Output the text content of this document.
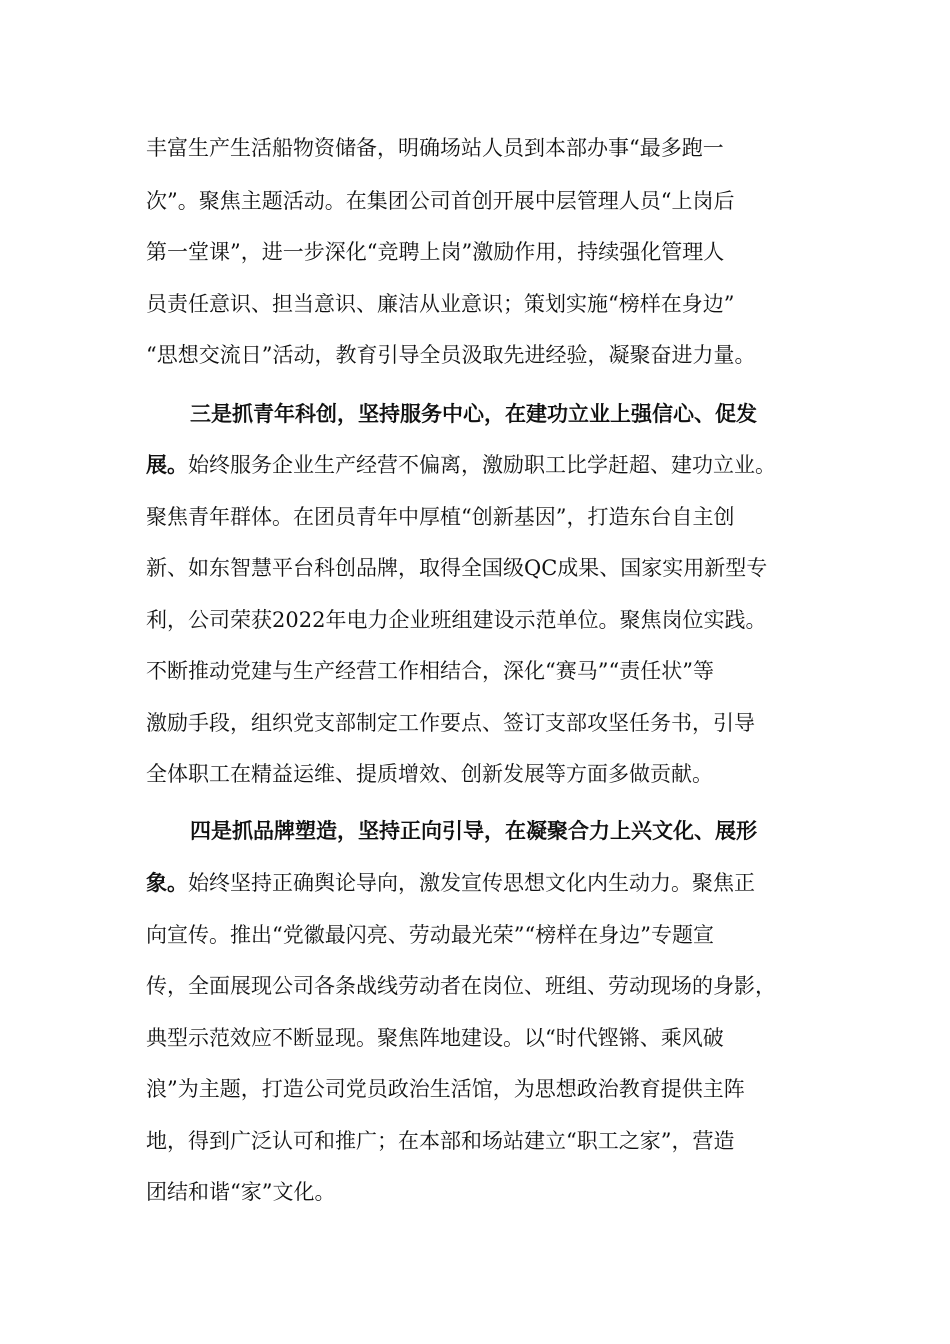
丰富生产生活船物资储备，明确场站人员到本部办事“最多跑一
次”。聚焦主题活动。在集团公司首创开展中层管理人员“上岗后
第一堂课”，进一步深化“竞聘上岗”激励作用，持续强化管理人
员责任意识、担当意识、廉洁从业意识；策划实施“榜样在身边”
“思想交流日”活动，教育引导全员汲取先进经验，凝聚奋进力量。
三是抓青年科创，坚持服务中心，在建功立业上强信心、促发
展。始终服务企业生产经营不偏离，激励职工比学赶超、建功立业。
聚焦青年群体。在团员青年中厚植“创新基因”，打造东台自主创
新、如东智慧平台科创品牌，取得全国级QC成果、国家实用新型专
利，公司荣获2022年电力企业班组建设示范单位。聚焦岗位实践。
不断推动党建与生产经营工作相结合，深化“赛马”“责任状”等
激励手段，组织党支部制定工作要点、签订支部攻坚任务书，引导
全体职工在精益运维、提质增效、创新发展等方面多做贡献。
四是抓品牌塑造，坚持正向引导，在凝聚合力上兴文化、展形
象。始终坚持正确舆论导向，激发宣传思想文化内生动力。聚焦正
向宣传。推出“党徽最闪亮、劳动最光荣”“榜样在身边”专题宣
传，全面展现公司各条战线劳动者在岗位、班组、劳动现场的身影，
典型示范效应不断显现。聚焦阵地建设。以“时代铿锵、乘风破
浪”为主题，打造公司党员政治生活馆，为思想政治教育提供主阵
地，得到广泛认可和推广；在本部和场站建立“职工之家”，营造
团结和谐“家”文化。
